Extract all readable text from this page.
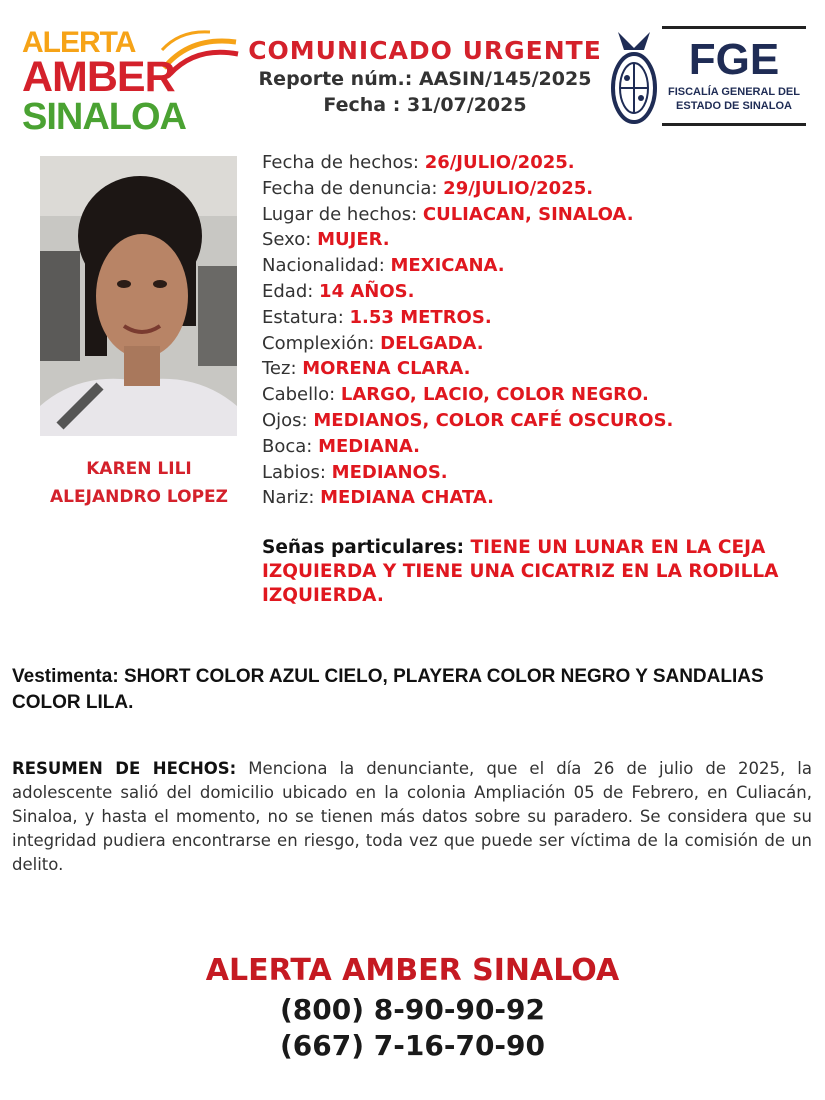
ALERTA
AMBER
SINALOA
COMUNICADO URGENTE
Reporte núm.: AASIN/145/2025
Fecha : 31/07/2025
FGE
FISCALÍA GENERAL DEL
ESTADO DE SINALOA
KAREN LILI
ALEJANDRO LOPEZ
Fecha de hechos: 26/JULIO/2025.
Fecha de denuncia: 29/JULIO/2025.
Lugar de hechos: CULIACAN, SINALOA.
Sexo: MUJER.
Nacionalidad: MEXICANA.
Edad: 14 AÑOS.
Estatura: 1.53 METROS.
Complexión: DELGADA.
Tez: MORENA CLARA.
Cabello: LARGO, LACIO, COLOR NEGRO.
Ojos: MEDIANOS, COLOR CAFÉ OSCUROS.
Boca: MEDIANA.
Labios: MEDIANOS.
Nariz: MEDIANA CHATA.
Señas particulares: TIENE UN LUNAR EN LA CEJA IZQUIERDA Y TIENE UNA CICATRIZ EN LA RODILLA IZQUIERDA.
Vestimenta: SHORT COLOR AZUL CIELO, PLAYERA COLOR NEGRO Y SANDALIAS COLOR LILA.
RESUMEN DE HECHOS: Menciona la denunciante, que el día 26 de julio de 2025, la adolescente salió del domicilio ubicado en la colonia Ampliación 05 de Febrero, en Culiacán, Sinaloa, y hasta el momento, no se tienen más datos sobre su paradero. Se considera que su integridad pudiera encontrarse en riesgo, toda vez que puede ser víctima de la comisión de un delito.
ALERTA AMBER SINALOA
(800) 8-90-90-92
(667) 7-16-70-90
